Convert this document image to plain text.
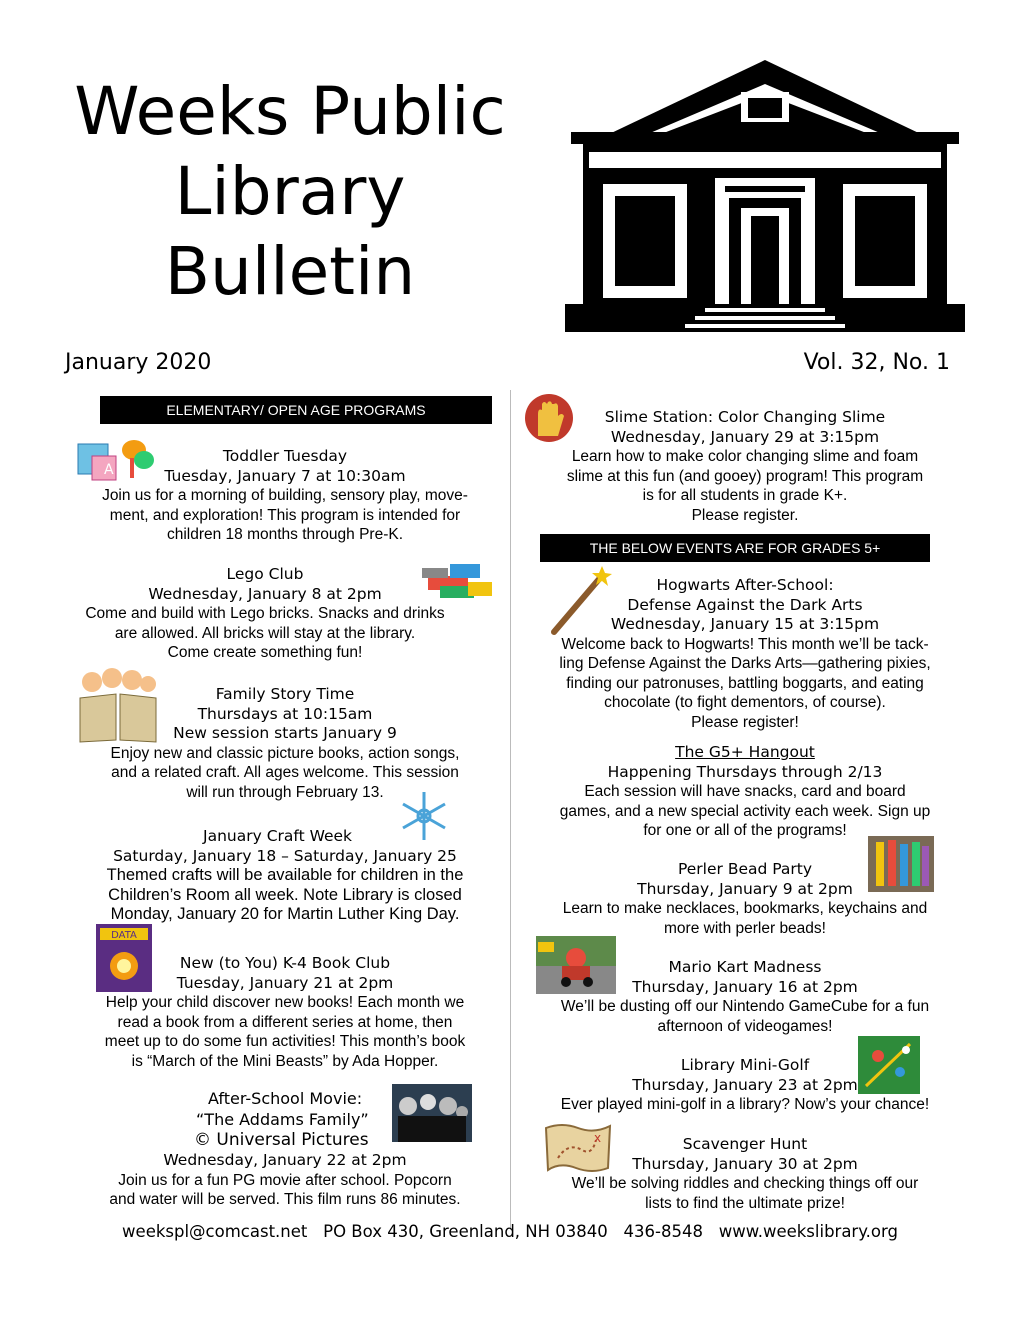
Weeks Public
Library
Bulletin
January 2020	Vol. 32, No. 1
ELEMENTARY/ OPEN AGE PROGRAMS
THE BELOW EVENTS ARE FOR GRADES 5+
A
Toddler Tuesday
Tuesday, January 7 at 10:30am
Join us for a morning of building, sensory play, move-
ment, and exploration! This program is intended for
children 18 months through Pre-K.
Lego Club
Wednesday, January 8 at 2pm
Come and build with Lego bricks. Snacks and drinks
are allowed. All bricks will stay at the library.
Come create something fun!
Family Story Time
Thursdays at 10:15am
New session starts January 9
Enjoy new and classic picture books, action songs,
and a related craft. All ages welcome. This session
will run through February 13.
January Craft Week
Saturday, January 18 – Saturday, January 25
Themed crafts will be available for children in the
Children’s Room all week. Note Library is closed
Monday, January 20 for Martin Luther King Day.
DATA
New (to You) K-4 Book Club
Tuesday, January 21 at 2pm
Help your child discover new books! Each month we
read a book from a different series at home, then
meet up to do some fun activities! This month’s book
is “March of the Mini Beasts” by Ada Hopper.
After-School Movie:
“The Addams Family”
© Universal Pictures
Wednesday, January 22 at 2pm
Join us for a fun PG movie after school. Popcorn
and water will be served. This film runs 86 minutes.
Slime Station: Color Changing Slime
Wednesday, January 29 at 3:15pm
Learn how to make color changing slime and foam
slime at this fun (and gooey) program! This program
is for all students in grade K+.
Please register.
Hogwarts After-School:
Defense Against the Dark Arts
Wednesday, January 15 at 3:15pm
Welcome back to Hogwarts! This month we’ll be tack-
ling Defense Against the Darks Arts—gathering pixies,
finding our patronuses, battling boggarts, and eating
chocolate (to fight dementors, of course).
Please register!
The G5+ Hangout
Happening Thursdays through 2/13
Each session will have snacks, card and board
games, and a new special activity each week. Sign up
for one or all of the programs!
Perler Bead Party
Thursday, January 9 at 2pm
Learn to make necklaces, bookmarks, keychains and
more with perler beads!
Mario Kart Madness
Thursday, January 16 at 2pm
We’ll be dusting off our Nintendo GameCube for a fun
afternoon of videogames!
Library Mini-Golf
Thursday, January 23 at 2pm
Ever played mini-golf in a library? Now’s your chance!
x	Scavenger Hunt
Thursday, January 30 at 2pm
We’ll be solving riddles and checking things off our
lists to find the ultimate prize!
weekspl@comcast.net PO Box 430, Greenland, NH 03840 436-8548 www.weekslibrary.org
